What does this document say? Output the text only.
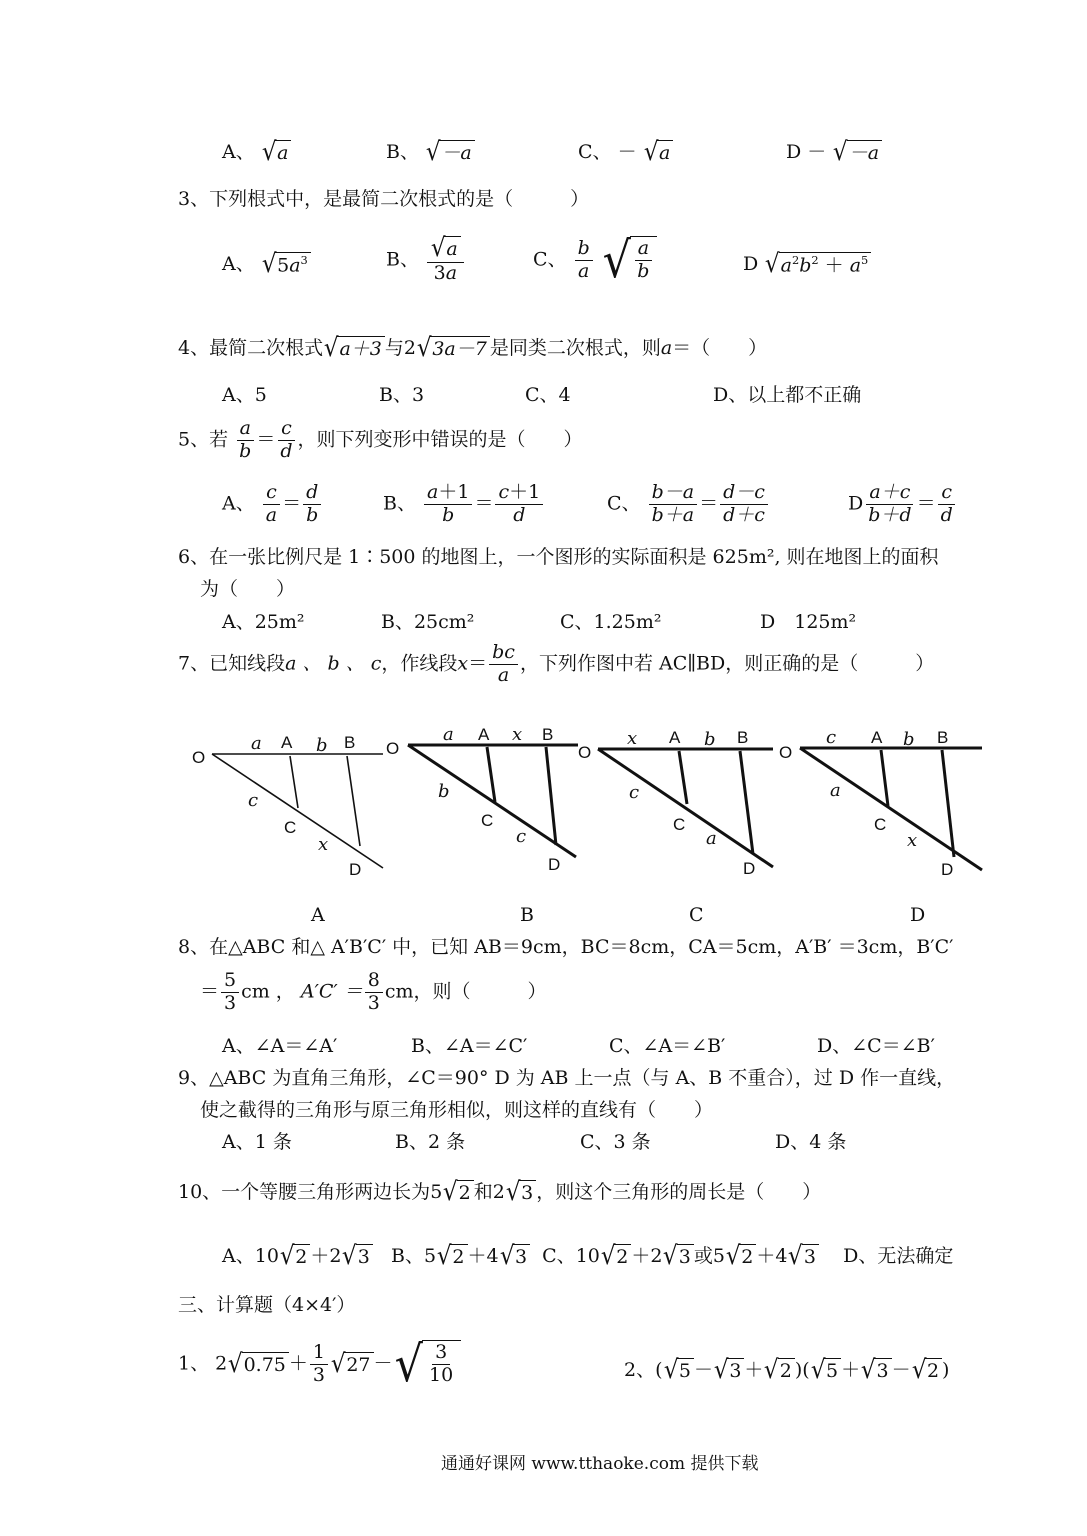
A、 √ a	B、 √ －a	C、 － √ a	D － √ －a
3、下列根式中，是最简二次根式的是（　　　）
A、 √ $5a^3$	B、 $\frac{√ a}{3a}$	C、 $\frac{b}{a}$
√ $\frac{a}{b}$	D √ $a^2b^2 + a^5$
4、最简二次根式 √ a＋3 与2 √ 3a－7 是同类二次根式，则a＝（　　）
A、5	B、3	C、4	D、以上都不正确
5、若 $\frac{a}{b} = \frac{c}{d}$ ，则下列变形中错误的是（　　）
A、 $\frac{c}{a} = \frac{d}{b}$	B、 $\frac{a+1}{b} = \frac{c+1}{d}$	C、 $\frac{b-a}{b+a} = \frac{d-c}{d+c}$	D $\frac{a+c}{b+d} = \frac{c}{d}$
6、在一张比例尺是 1∶500 的地图上，一个图形的实际面积是 625m², 则在地图上的面积
为（　　）
A、25m²	B、25cm²	C、1.25m²	D　125m²
7、已知线段a 、 b 、 c，作线段$x= \frac{bc}{a}$ ，下列作图中若 AC∥BD，则正确的是（　　　）
O
a A b B
c
C
x
D
O
a A x B
b
C
c
D
O
x A b B
c
C
a
D
O
c A b B
a
C
x
D
A	B	C	D
8、在△ABC 和△ A′B′C′ 中，已知 AB＝9cm，BC＝8cm，CA＝5cm，A′B′ ＝3cm，B′C′
＝ $\frac{5}{3}$ cm ， $A'C' = \frac{8}{3}$ cm，则（　　　）
A、∠A＝∠A′	B、∠A＝∠C′	C、∠A＝∠B′	D、∠C＝∠B′
9、△ABC 为直角三角形，∠C＝90° D 为 AB 上一点（与 A、B 不重合），过 D 作一直线，
使之截得的三角形与原三角形相似，则这样的直线有（　　）
A、1 条	B、2 条	C、3 条	D、4 条
10、一个等腰三角形两边长为5 √ 2 和2 √ 3 ，则这个三角形的周长是（　　）
A、10 √ 2 ＋2 √ 3 B、5 √ 2 ＋4 √ 3 C、10 √ 2 ＋2 √ 3 或5 √ 2 ＋4 √ 3 D、无法确定
三、计算题（4×4′）
1、 2 √ $0.75 + \frac{1}{3}$ √ 27 － √ $\frac{3}{10}$	2、( √ 5 － √ 3 ＋ √ 2 )( √ 5 ＋ √ 3 － √ 2 )
通通好课网 www.tthaoke.com 提供下载
